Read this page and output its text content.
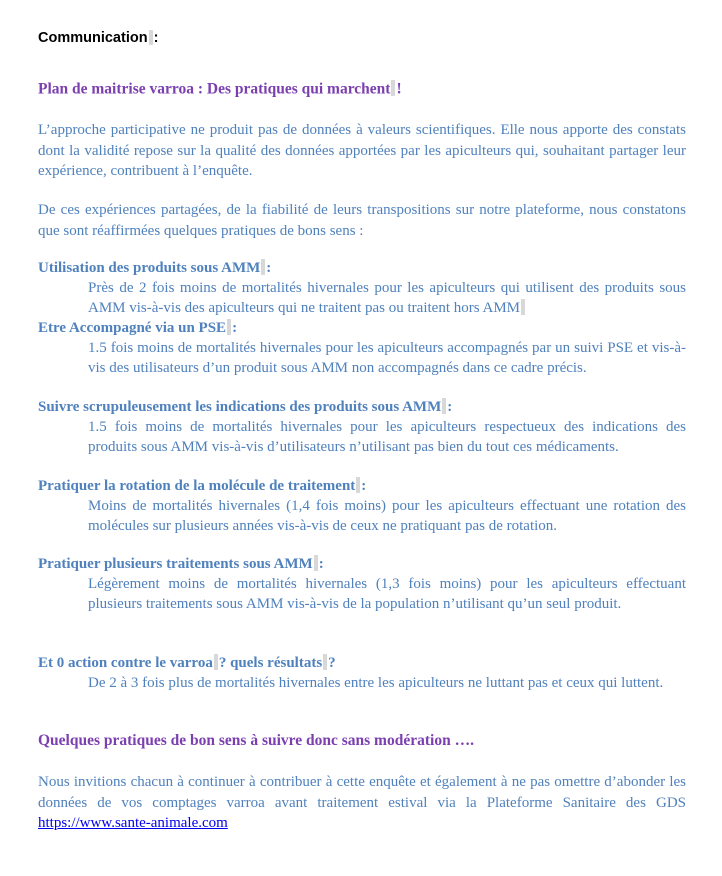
Communication :
Plan de maitrise varroa : Des pratiques qui marchent !
L’approche participative ne produit pas de données à valeurs scientifiques. Elle nous apporte des constats dont la validité repose sur la qualité des données apportées par les apiculteurs qui, souhaitant partager leur expérience, contribuent à l’enquête.
De ces expériences partagées, de la fiabilité de leurs transpositions sur notre plateforme, nous constatons que sont réaffirmées quelques pratiques de bons sens :
Utilisation des produits sous AMM :
Près de 2 fois moins de mortalités hivernales pour les apiculteurs qui utilisent des produits sous AMM vis-à-vis des apiculteurs qui ne traitent pas ou traitent hors AMM
Etre Accompagné via un PSE :
1.5 fois moins de mortalités hivernales pour les apiculteurs accompagnés par un suivi PSE et vis-à-vis des utilisateurs d’un produit sous AMM non accompagnés dans ce cadre précis.
Suivre scrupuleusement les indications des produits sous AMM :
1.5 fois moins de mortalités hivernales pour les apiculteurs respectueux des indications des produits sous AMM vis-à-vis d’utilisateurs n’utilisant pas bien du tout ces médicaments.
Pratiquer la rotation de la molécule de traitement :
Moins de mortalités hivernales (1,4 fois moins) pour les apiculteurs effectuant une rotation des molécules sur plusieurs années vis-à-vis de ceux ne pratiquant pas de rotation.
Pratiquer plusieurs traitements sous AMM :
Légèrement moins de mortalités hivernales (1,3 fois moins) pour les apiculteurs effectuant plusieurs traitements sous AMM vis-à-vis de la population n’utilisant qu’un seul produit.
Et 0 action contre le varroa ? quels résultats ?
De 2 à 3 fois plus de mortalités hivernales entre les apiculteurs ne luttant pas et ceux qui luttent.
Quelques pratiques de bon sens à suivre donc sans modération ….
Nous invitions chacun à continuer à contribuer à cette enquête et également à ne pas omettre d’abonder les données de vos comptages varroa avant traitement estival via la Plateforme Sanitaire des GDS https://www.sante-animale.com
